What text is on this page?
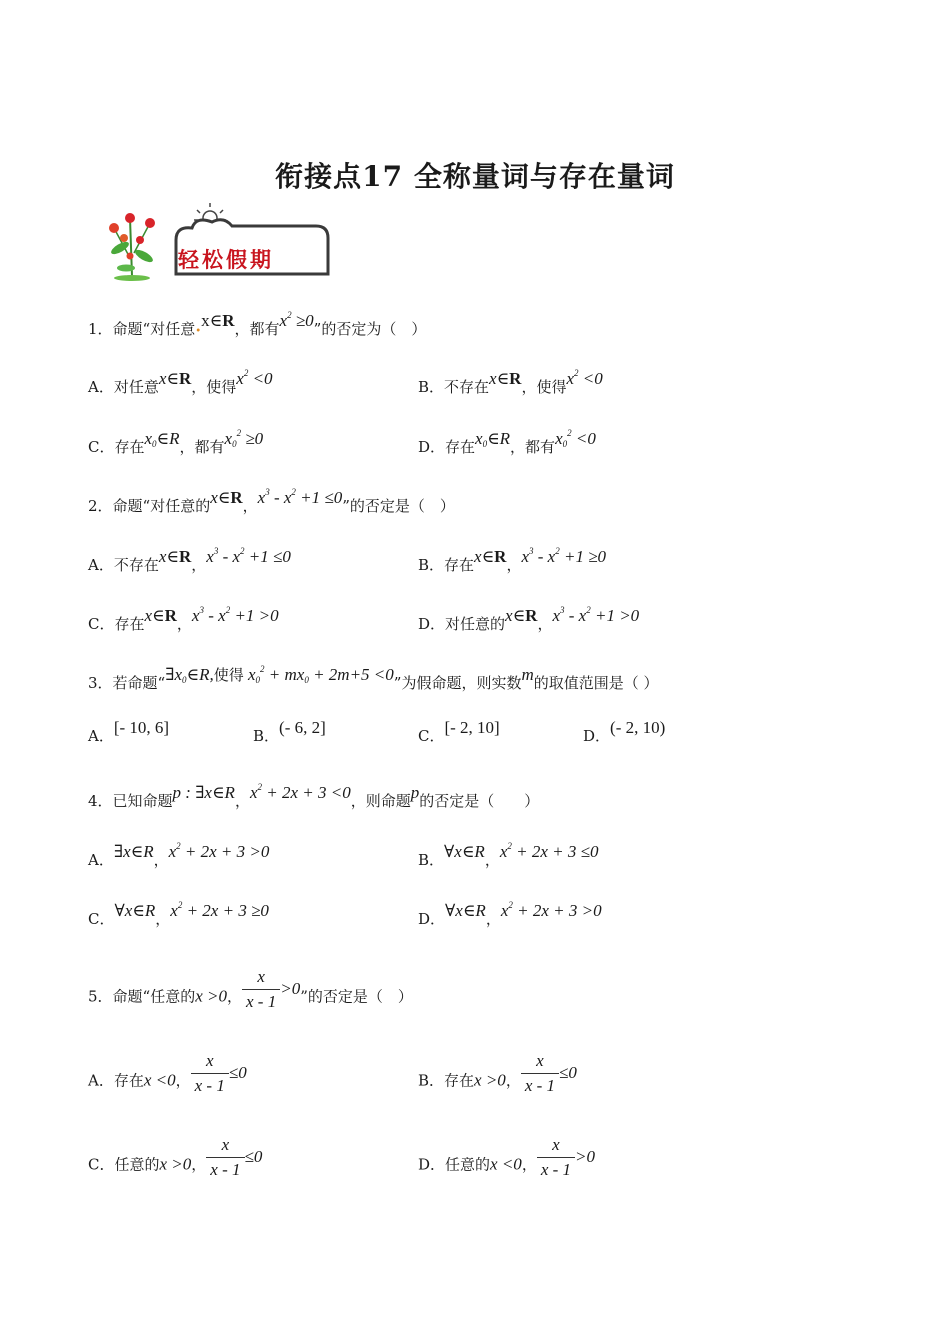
衔接点17 全称量词与存在量词
轻松假期
1．命题“对任意•x∈R，都有$x^2 \ge 0$”的否定为（　）
A．对任意x∈R，使得$x^2 <0$	B．不存在x∈R，使得$x^2 <0$
C．存在$x_0\in R$，都有$x_0^2 \ge 0$	D．存在$x_0\in R$，都有$x_0^2 <0$
2．命题“对任意的x∈R，$x^3 - x^2 +1 \le 0$”的否定是（　）
A．不存在x∈R，$x^3 - x^2 +1 \le 0$	B．存在x∈R，$x^3 - x^2 +1 \ge 0$
C．存在x∈R，$x^3 - x^2 +1 >0$	D．对任意的x∈R，$x^3 - x^2 +1 >0$
3．若命题“$\exists x_0\in R$,使得 $x_0^2 + mx_0 + 2m+5 <0$”为假命题，则实数m的取值范围是（ ）
A．[- 10, 6]	B．(- 6, 2]	C．[- 2, 10]	D．(- 2, 10)
4．已知命题p : ∃x∈R，$x^2 + 2x + 3 <0$，则命题p的否定是（　　）
A．∃x∈R，$x^2 + 2x + 3 >0$	B．∀x∈R，$x^2 + 2x + 3 \le 0$
C．∀x∈R，$x^2 + 2x + 3 \ge 0$	D．∀x∈R，$x^2 + 2x + 3 >0$
5．命题“任意的x >0， $\frac{x}{x - 1} >0$”的否定是（　）
A．存在x <0， $\frac{x}{x - 1} \le 0$	B．存在x >0， $\frac{x}{x - 1} \le 0$
C．任意的x >0， $\frac{x}{x - 1} \le 0$	D．任意的x <0， $\frac{x}{x - 1} >0$
